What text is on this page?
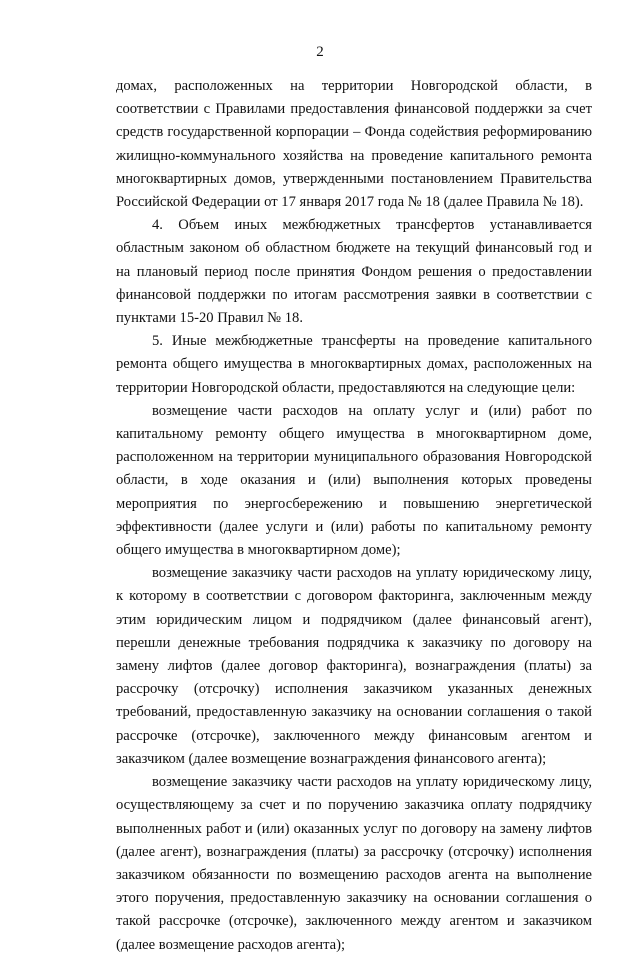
2

домах, расположенных на территории Новгородской области, в соответствии с Правилами предоставления финансовой поддержки за счет средств государственной корпорации – Фонда содействия реформированию жилищно-коммунального хозяйства на проведение капитального ремонта многоквартирных домов, утвержденными постановлением Правительства Российской Федерации от 17 января 2017 года № 18 (далее Правила № 18).

4. Объем иных межбюджетных трансфертов устанавливается областным законом об областном бюджете на текущий финансовый год и на плановый период после принятия Фондом решения о предоставлении финансовой поддержки по итогам рассмотрения заявки в соответствии с пунктами 15-20 Правил № 18.

5. Иные межбюджетные трансферты на проведение капитального ремонта общего имущества в многоквартирных домах, расположенных на территории Новгородской области, предоставляются на следующие цели:

возмещение части расходов на оплату услуг и (или) работ по капитальному ремонту общего имущества в многоквартирном доме, расположенном на территории муниципального образования Новгородской области, в ходе оказания и (или) выполнения которых проведены мероприятия по энергосбережению и повышению энергетической эффективности (далее услуги и (или) работы по капитальному ремонту общего имущества в многоквартирном доме);

возмещение заказчику части расходов на уплату юридическому лицу, к которому в соответствии с договором факторинга, заключенным между этим юридическим лицом и подрядчиком (далее финансовый агент), перешли денежные требования подрядчика к заказчику по договору на замену лифтов (далее договор факторинга), вознаграждения (платы) за рассрочку (отсрочку) исполнения заказчиком указанных денежных требований, предоставленную заказчику на основании соглашения о такой рассрочке (отсрочке), заключенного между финансовым агентом и заказчиком (далее возмещение вознаграждения финансового агента);

возмещение заказчику части расходов на уплату юридическому лицу, осуществляющему за счет и по поручению заказчика оплату подрядчику выполненных работ и (или) оказанных услуг по договору на замену лифтов (далее агент), вознаграждения (платы) за рассрочку (отсрочку) исполнения заказчиком обязанности по возмещению расходов агента на выполнение этого поручения, предоставленную заказчику на основании соглашения о такой рассрочке (отсрочке), заключенного между агентом и заказчиком (далее возмещение расходов агента);
